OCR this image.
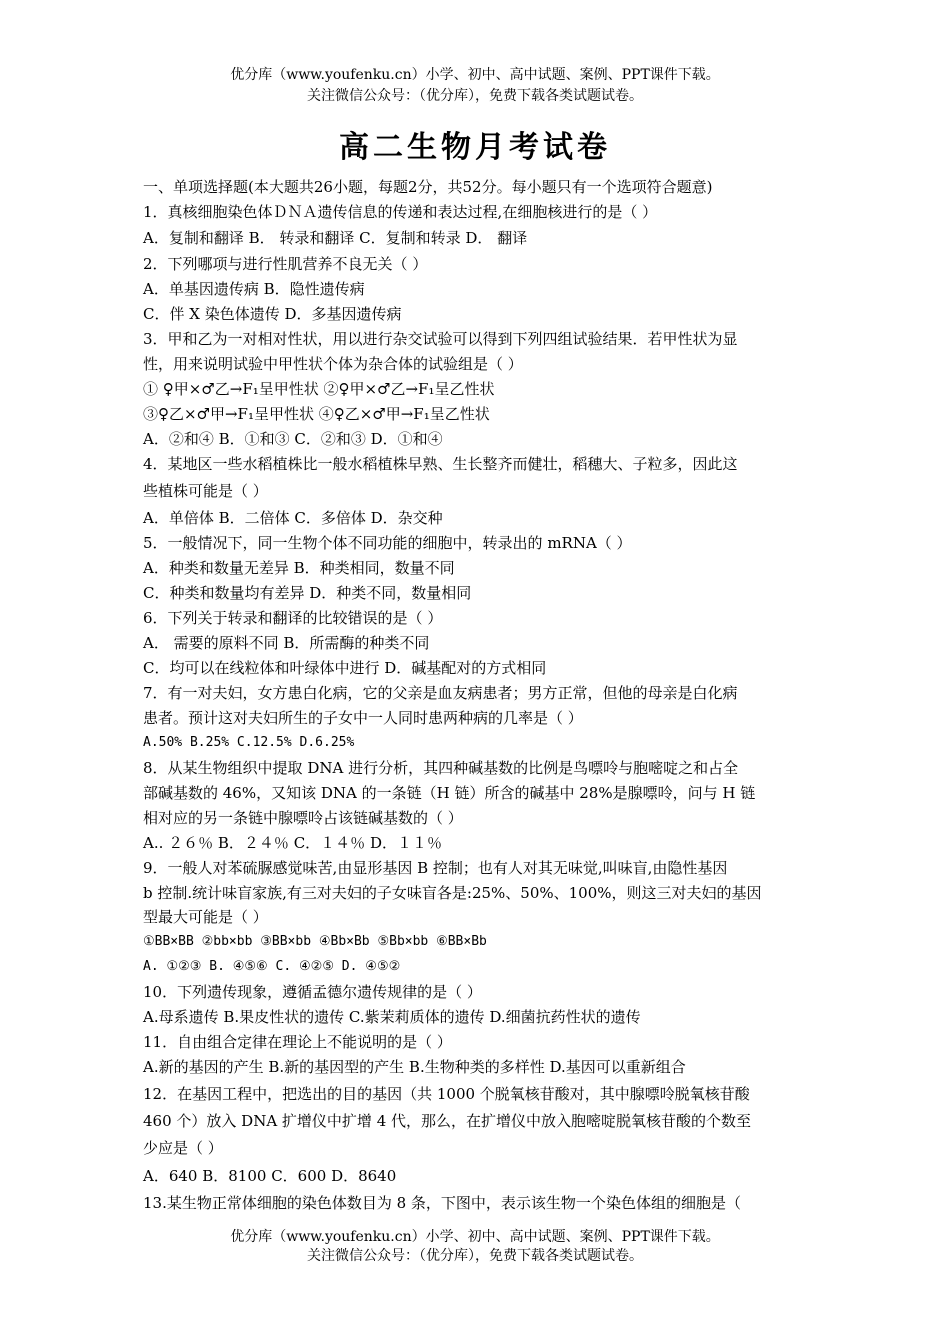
优分库（www.youfenku.cn）小学、初中、高中试题、案例、PPT课件下载。
关注微信公众号：（优分库），免费下载各类试题试卷。
高二生物月考试卷
一、单项选择题(本大题共26小题，每题2分，共52分。每小题只有一个选项符合题意)
1．真核细胞染色体ＤＮＡ遗传信息的传递和表达过程,在细胞核进行的是（ ）
A．复制和翻译 B． 转录和翻译 C．复制和转录 D． 翻译
2．下列哪项与进行性肌营养不良无关（ ）
A．单基因遗传病 B．隐性遗传病
C．伴 X 染色体遗传 D．多基因遗传病
3．甲和乙为一对相对性状，用以进行杂交试验可以得到下列四组试验结果．若甲性状为显
性，用来说明试验中甲性状个体为杂合体的试验组是（ ）
① ♀甲×♂乙→F₁呈甲性状 ②♀甲×♂乙→F₁呈乙性状
③♀乙×♂甲→F₁呈甲性状 ④♀乙×♂甲→F₁呈乙性状
A．②和④ B．①和③ C．②和③ D．①和④
4．某地区一些水稻植株比一般水稻植株早熟、生长整齐而健壮，稻穗大、子粒多，因此这
些植株可能是（ ）
A．单倍体 B．二倍体 C．多倍体 D．杂交种
5．一般情况下，同一生物个体不同功能的细胞中，转录出的 mRNA（ ）
A．种类和数量无差异 B．种类相同，数量不同
C．种类和数量均有差异 D．种类不同，数量相同
6．下列关于转录和翻译的比较错误的是（ ）
A． 需要的原料不同 B．所需酶的种类不同
C．均可以在线粒体和叶绿体中进行 D．碱基配对的方式相同
7．有一对夫妇，女方患白化病，它的父亲是血友病患者；男方正常，但他的母亲是白化病
患者。预计这对夫妇所生的子女中一人同时患两种病的几率是（ ）
A.50% B.25% C.12.5% D.6.25%
8．从某生物组织中提取 DNA 进行分析，其四种碱基数的比例是鸟嘌呤与胞嘧啶之和占全
部碱基数的 46%，又知该 DNA 的一条链（H 链）所含的碱基中 28%是腺嘌呤，问与 H 链
相对应的另一条链中腺嘌呤占该链碱基数的（ ）
A.. ２６％ B．２４％ C．１４％ D．１１％
9．一般人对苯硫脲感觉味苦,由显形基因 B 控制；也有人对其无味觉,叫味盲,由隐性基因
b 控制.统计味盲家族,有三对夫妇的子女味盲各是:25%、50%、100%，则这三对夫妇的基因
型最大可能是（ ）
①BB×BB ②bb×bb ③BB×bb ④Bb×Bb ⑤Bb×bb ⑥BB×Bb
A. ①②③ B. ④⑤⑥ C. ④②⑤ D. ④⑤②
10．下列遗传现象，遵循孟德尔遗传规律的是（ ）
A.母系遗传 B.果皮性状的遗传 C.紫茉莉质体的遗传 D.细菌抗药性状的遗传
11．自由组合定律在理论上不能说明的是（ ）
A.新的基因的产生 B.新的基因型的产生 B.生物种类的多样性 D.基因可以重新组合
12．在基因工程中，把选出的目的基因（共 1000 个脱氧核苷酸对，其中腺嘌呤脱氧核苷酸
460 个）放入 DNA 扩增仪中扩增 4 代，那么，在扩增仪中放入胞嘧啶脱氧核苷酸的个数至
少应是（ ）
A．640 B．8100 C．600 D．8640
13.某生物正常体细胞的染色体数目为 8 条，下图中，表示该生物一个染色体组的细胞是（
优分库（www.youfenku.cn）小学、初中、高中试题、案例、PPT课件下载。
关注微信公众号：（优分库），免费下载各类试题试卷。
